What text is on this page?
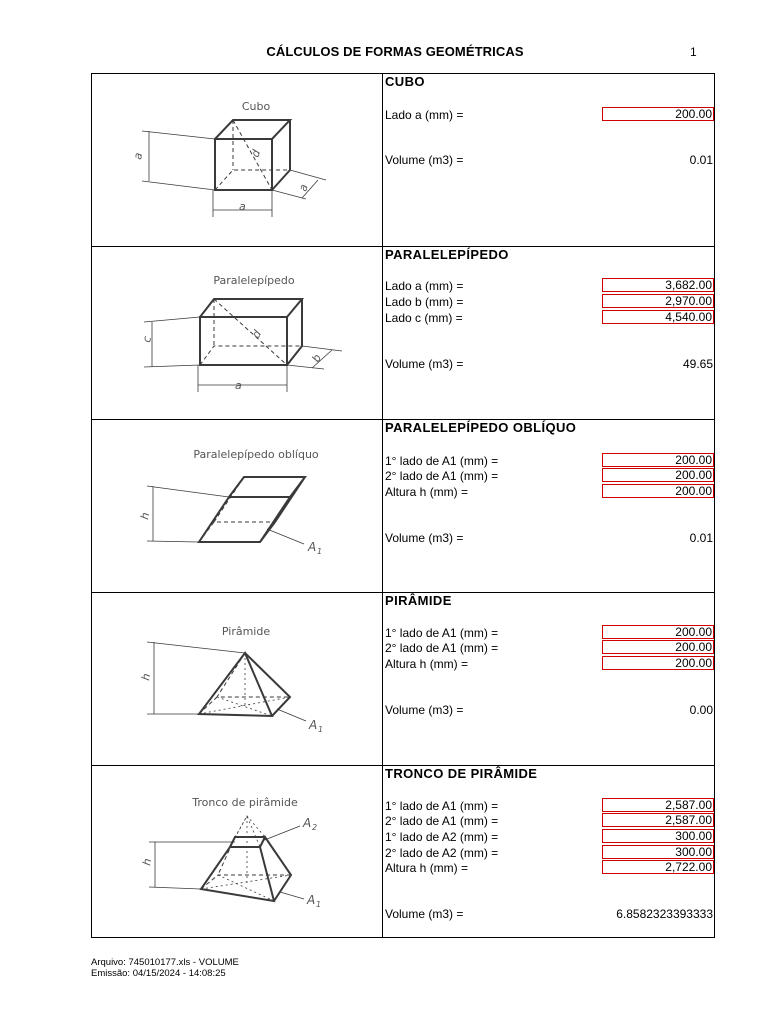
CÁLCULOS DE FORMAS GEOMÉTRICAS	1
Cubo
a	d
a
a
CUBO
Lado a (mm) =	200.00
Volume (m3) =	0.01
Paralelepípedo
c	d
b
a
PARALELEPÍPEDO
Lado a (mm) =	3,682.00
Lado b (mm) =	2,970.00
Lado c (mm) =	4,540.00
Volume (m3) =	49.65
Paralelepípedo oblíquo
h
A 1
PARALELEPÍPEDO OBLÍQUO
1° lado de A1 (mm) =	200.00
2° lado de A1 (mm) =	200.00
Altura h (mm) =	200.00
Volume (m3) =	0.01
Pirâmide
h
A 1
PIRÂMIDE
1° lado de A1 (mm) =	200.00
2° lado de A1 (mm) =	200.00
Altura h (mm) =	200.00
Volume (m3) =	0.00
Tronco de pirâmide
h
A 2
A 1
TRONCO DE PIRÂMIDE
1° lado de A1 (mm) =	2,587.00
2° lado de A1 (mm) =	2,587.00
1° lado de A2 (mm) =	300.00
2° lado de A2 (mm) =	300.00
Altura h (mm) =	2,722.00
Volume (m3) =	6.8582323393333
Arquivo: 745010177.xls - VOLUME
Emissão: 04/15/2024 - 14:08:25
